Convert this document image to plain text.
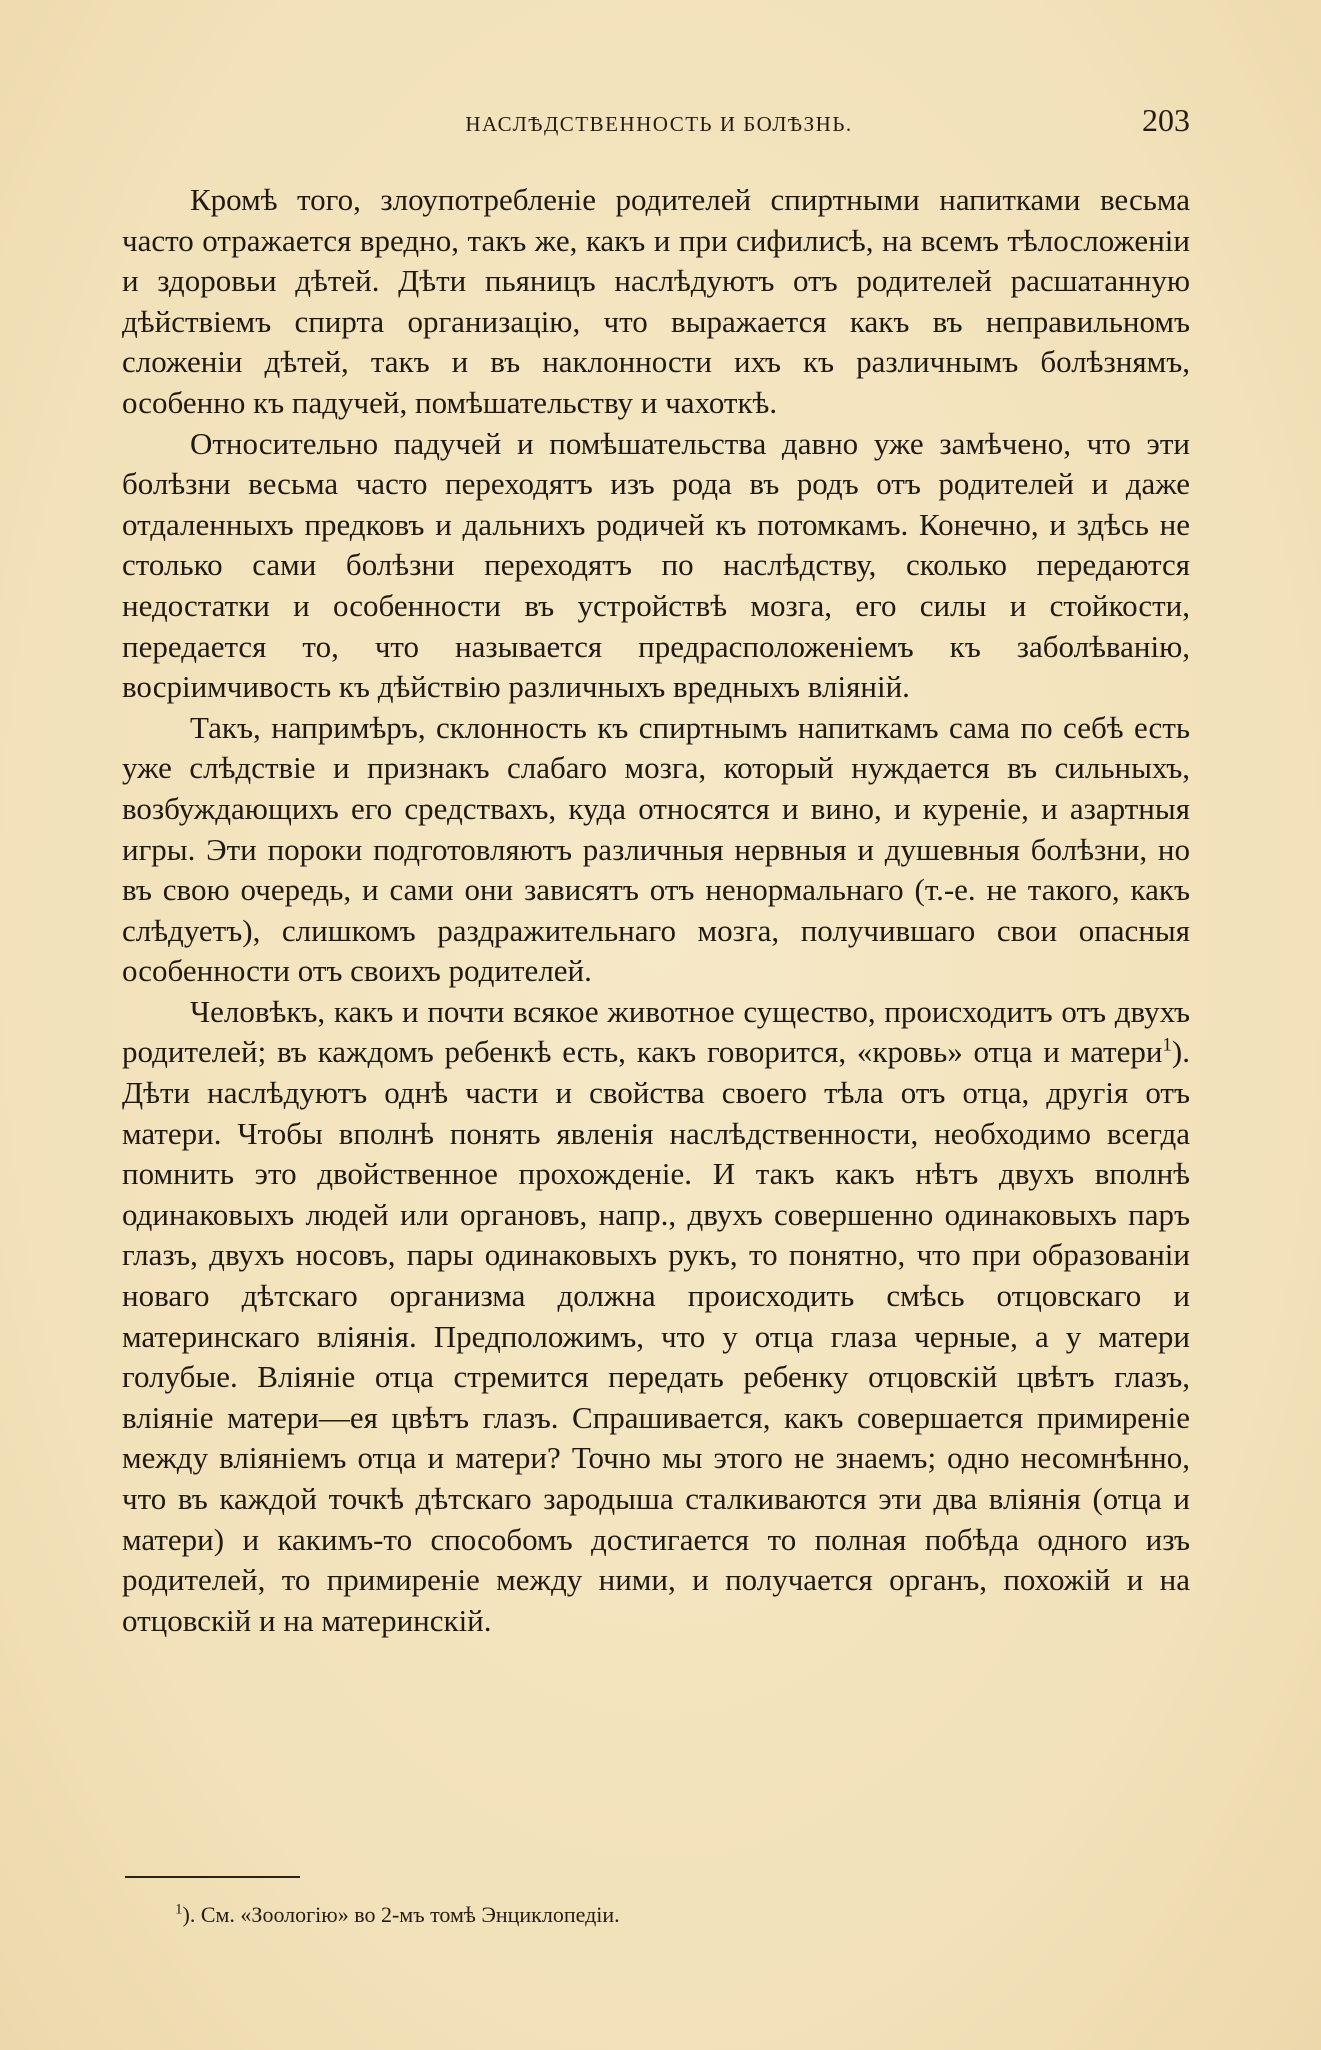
НАСЛѢДСТВЕННОСТЬ И БОЛѢЗНЬ.	203

Кромѣ того, злоупотребленіе родителей спиртными напитками весьма часто отражается вредно, такъ же, какъ и при сифилисѣ, на всемъ тѣлосложеніи и здоровьи дѣтей. Дѣти пьяницъ наслѣдуютъ отъ родителей расшатанную дѣйствіемъ спирта организацію, что выражается какъ въ неправильномъ сложеніи дѣтей, такъ и въ наклонности ихъ къ различнымъ болѣзнямъ, особенно къ падучей, помѣшательству и чахоткѣ.

Относительно падучей и помѣшательства давно уже замѣчено, что эти болѣзни весьма часто переходятъ изъ рода въ родъ отъ родителей и даже отдаленныхъ предковъ и дальнихъ родичей къ потомкамъ. Конечно, и здѣсь не столько сами болѣзни переходятъ по наслѣдству, сколько передаются недостатки и особенности въ устройствѣ мозга, его силы и стойкости, передается то, что называется предрасположеніемъ къ заболѣванію, восріимчивость къ дѣйствію различныхъ вредныхъ вліяній.

Такъ, напримѣръ, склонность къ спиртнымъ напиткамъ сама по себѣ есть уже слѣдствіе и признакъ слабаго мозга, который нуждается въ сильныхъ, возбуждающихъ его средствахъ, куда относятся и вино, и куреніе, и азартныя игры. Эти пороки подготовляютъ различныя нервныя и душевныя болѣзни, но въ свою очередь, и сами они зависятъ отъ ненормальнаго (т.-е. не такого, какъ слѣдуетъ), слишкомъ раздражительнаго мозга, получившаго свои опасныя особенности отъ своихъ родителей.

Человѣкъ, какъ и почти всякое животное существо, происходитъ отъ двухъ родителей; въ каждомъ ребенкѣ есть, какъ говорится, «кровь» отца и матери$^1$). Дѣти наслѣдуютъ однѣ части и свойства своего тѣла отъ отца, другія отъ матери. Чтобы вполнѣ понять явленія наслѣдственности, необходимо всегда помнить это двойственное прохожденіе. И такъ какъ нѣтъ двухъ вполнѣ одинаковыхъ людей или органовъ, напр., двухъ совершенно одинаковыхъ паръ глазъ, двухъ носовъ, пары одинаковыхъ рукъ, то понятно, что при образованіи новаго дѣтскаго организма должна происходить смѣсь отцовскаго и материнскаго вліянія. Предположимъ, что у отца глаза черные, а у матери голубые. Вліяніе отца стремится передать ребенку отцовскій цвѣтъ глазъ, вліяніе матери—ея цвѣтъ глазъ. Спрашивается, какъ совершается примиреніе между вліяніемъ отца и матери? Точно мы этого не знаемъ; одно несомнѣнно, что въ каждой точкѣ дѣтскаго зародыша сталкиваются эти два вліянія (отца и матери) и какимъ-то способомъ достигается то полная побѣда одного изъ родителей, то примиреніе между ними, и получается органъ, похожій и на отцовскій и на материнскій.

$^1$). См. «Зоологію» во 2-мъ томѣ Энциклопедіи.
